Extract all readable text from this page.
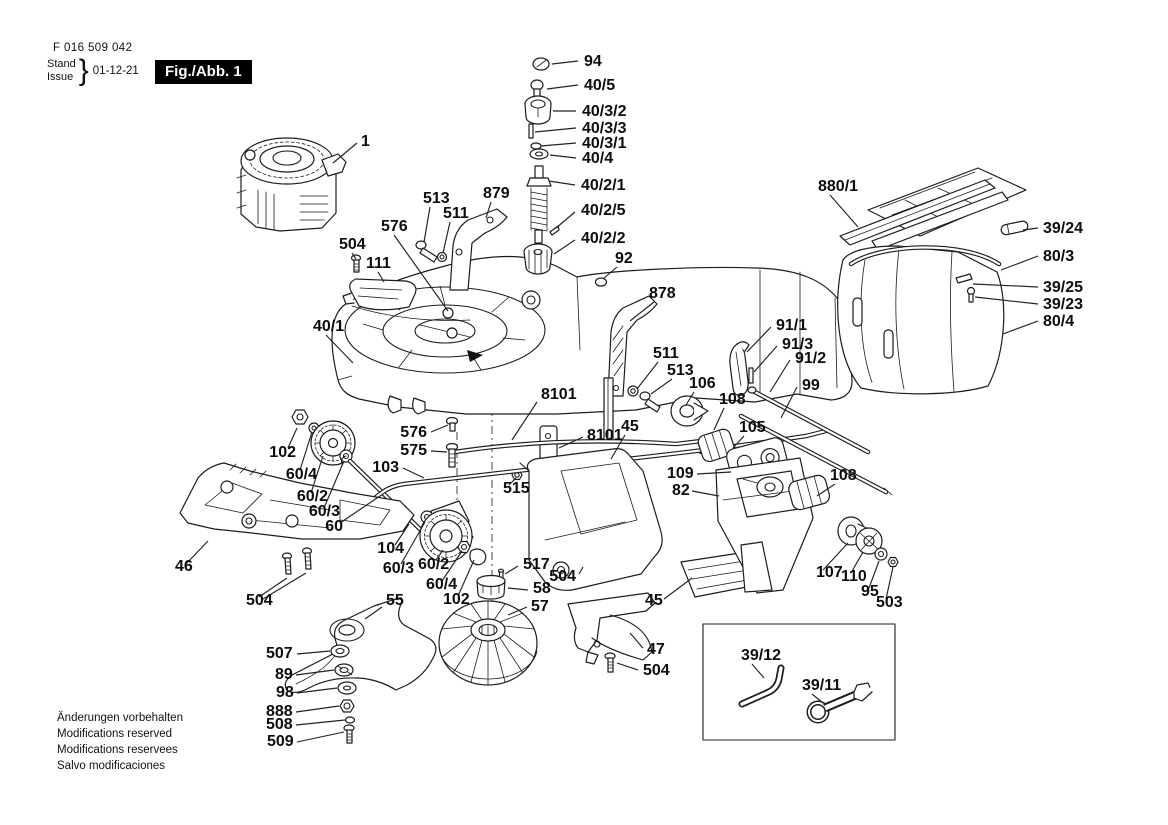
94
40/5
40/3/2
40/3/3
40/3/1
40/4
40/2/1
40/2/5
40/2/2
92
1
504
111
576
513
511
879
40/1
880/1
39/24
80/3
39/25
39/23
80/4
878
8101
576
575
103
515
102
60/4
60/2
60/3
60
104
60/3 60/2
60/4
102
517
504
58
57	45
47
504
45
106
108
105
109
82
108
91/1
91/3
91/2
99
107
110
95
503
39/12
39/11
46
504	55
507
89
98
888
508
509
8101
513
511
F 016 509 042
Stand
Issue } 01-12-21	Fig./Abb. 1
Änderungen vorbehalten
Modifications reserved
Modifications reservees
Salvo modificaciones
